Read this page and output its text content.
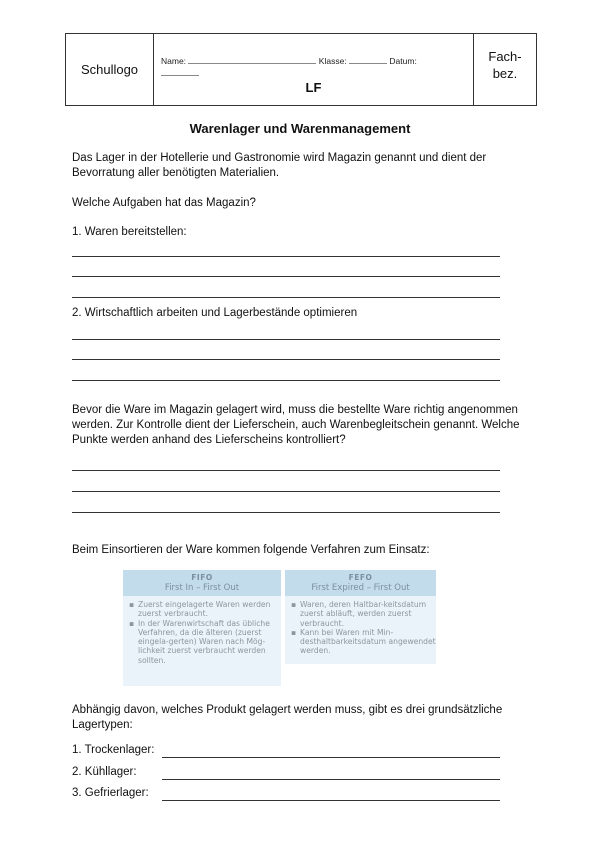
Schullogo
Name:	Klasse:	Datum:

LF
Fach-
bez.
Warenlager und Warenmanagement
Das Lager in der Hotellerie und Gastronomie wird Magazin genannt und dient der Bevorratung aller benötigten Materialien.
Welche Aufgaben hat das Magazin?
1. Waren bereitstellen:
2. Wirtschaftlich arbeiten und Lagerbestände optimieren
Bevor die Ware im Magazin gelagert wird, muss die bestellte Ware richtig angenommen werden. Zur Kontrolle dient der Lieferschein, auch Warenbegleitschein genannt. Welche Punkte werden anhand des Lieferscheins kontrolliert?
Beim Einsortieren der Ware kommen folgende Verfahren zum Einsatz:
FIFO
First In – First Out
▪ Zuerst eingelagerte Waren werden zuerst verbraucht.
▪ In der Warenwirtschaft das übliche Verfahren, da die älteren (zuerst eingela-gerten) Waren nach Mög-lichkeit zuerst verbraucht werden sollten.
FEFO
First Expired – First Out
▪ Waren, deren Haltbar-keitsdatum zuerst abläuft, werden zuerst verbraucht.
▪ Kann bei Waren mit Min-desthaltbarkeitsdatum angewendet werden.
Abhängig davon, welches Produkt gelagert werden muss, gibt es drei grundsätzliche Lagertypen:
1. Trockenlager:
2. Kühllager:
3. Gefrierlager:
